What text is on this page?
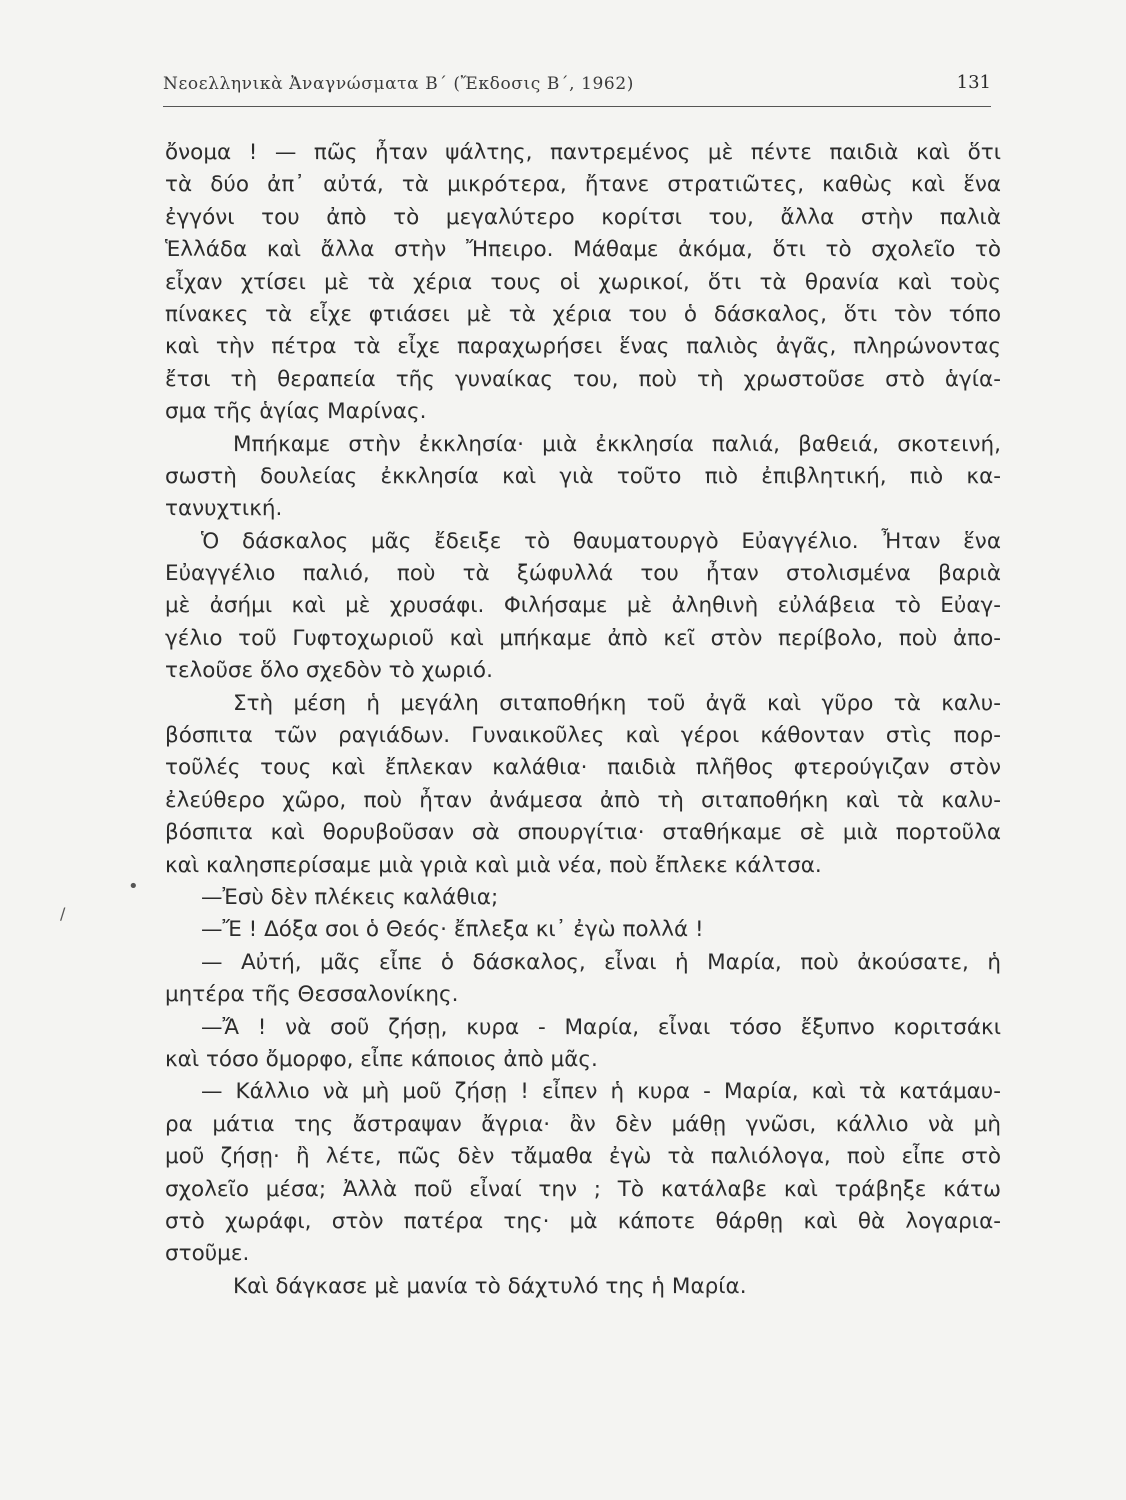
Νεοελληνικὰ Ἀναγνώσματα Β΄ (Ἔκδοσις Β΄, 1962)	131
ὄνομα ! — πῶς ἦταν ψάλτης, παντρεμένος μὲ πέντε παιδιὰ καὶ ὅτι
τὰ δύο ἀπ᾽ αὐτά, τὰ μικρότερα, ἤτανε στρατιῶτες, καθὼς καὶ ἕνα
ἐγγόνι του ἀπὸ τὸ μεγαλύτερο κορίτσι του, ἄλλα στὴν παλιὰ
Ἑλλάδα καὶ ἄλλα στὴν Ἤπειρο. Μάθαμε ἀκόμα, ὅτι τὸ σχολεῖο τὸ
εἶχαν χτίσει μὲ τὰ χέρια τους οἱ χωρικοί, ὅτι τὰ θρανία καὶ τοὺς
πίνακες τὰ εἶχε φτιάσει μὲ τὰ χέρια του ὁ δάσκαλος, ὅτι τὸν τόπο
καὶ τὴν πέτρα τὰ εἶχε παραχωρήσει ἕνας παλιὸς ἀγᾶς, πληρώνοντας
ἔτσι τὴ θεραπεία τῆς γυναίκας του, ποὺ τὴ χρωστοῦσε στὸ ἁγία-
σμα τῆς ἁγίας Μαρίνας.
Μπήκαμε στὴν ἐκκλησία· μιὰ ἐκκλησία παλιά, βαθειά, σκοτεινή,
σωστὴ δουλείας ἐκκλησία καὶ γιὰ τοῦτο πιὸ ἐπιβλητική, πιὸ κα-
τανυχτική.
Ὁ δάσκαλος μᾶς ἔδειξε τὸ θαυματουργὸ Εὐαγγέλιο. Ἦταν ἕνα
Εὐαγγέλιο παλιό, ποὺ τὰ ξώφυλλά του ἦταν στολισμένα βαριὰ
μὲ ἀσήμι καὶ μὲ χρυσάφι. Φιλήσαμε μὲ ἀληθινὴ εὐλάβεια τὸ Εὐαγ-
γέλιο τοῦ Γυφτοχωριοῦ καὶ μπήκαμε ἀπὸ κεῖ στὸν περίβολο, ποὺ ἀπο-
τελοῦσε ὅλο σχεδὸν τὸ χωριό.
Στὴ μέση ἡ μεγάλη σιταποθήκη τοῦ ἀγᾶ καὶ γῦρο τὰ καλυ-
βόσπιτα τῶν ραγιάδων. Γυναικοῦλες καὶ γέροι κάθονταν στὶς πορ-
τοῦλές τους καὶ ἔπλεκαν καλάθια· παιδιὰ πλῆθος φτερούγιζαν στὸν
ἐλεύθερο χῶρο, ποὺ ἦταν ἀνάμεσα ἀπὸ τὴ σιταποθήκη καὶ τὰ καλυ-
βόσπιτα καὶ θορυβοῦσαν σὰ σπουργίτια· σταθήκαμε σὲ μιὰ πορτοῦλα
καὶ καλησπερίσαμε μιὰ γριὰ καὶ μιὰ νέα, ποὺ ἔπλεκε κάλτσα.
—Ἐσὺ δὲν πλέκεις καλάθια;
—Ἔ ! Δόξα σοι ὁ Θεός· ἔπλεξα κι᾽ ἐγὼ πολλά !
— Αὐτή, μᾶς εἶπε ὁ δάσκαλος, εἶναι ἡ Μαρία, ποὺ ἀκούσατε, ἡ
μητέρα τῆς Θεσσαλονίκης.
—Ἄ ! νὰ σοῦ ζήσῃ, κυρα - Μαρία, εἶναι τόσο ἔξυπνο κοριτσάκι
καὶ τόσο ὄμορφο, εἶπε κάποιος ἀπὸ μᾶς.
— Κάλλιο νὰ μὴ μοῦ ζήσῃ ! εἶπεν ἡ κυρα - Μαρία, καὶ τὰ κατάμαυ-
ρα μάτια της ἄστραψαν ἄγρια· ἂν δὲν μάθῃ γνῶσι, κάλλιο νὰ μὴ
μοῦ ζήσῃ· ἢ λέτε, πῶς δὲν τἄμαθα ἐγὼ τὰ παλιόλογα, ποὺ εἶπε στὸ
σχολεῖο μέσα; Ἀλλὰ ποῦ εἶναί την ; Τὸ κατάλαβε καὶ τράβηξε κάτω
στὸ χωράφι, στὸν πατέρα της· μὰ κάποτε θάρθῃ καὶ θὰ λογαρια-
στοῦμε.
Καὶ δάγκασε μὲ μανία τὸ δάχτυλό της ἡ Μαρία.
•
/
